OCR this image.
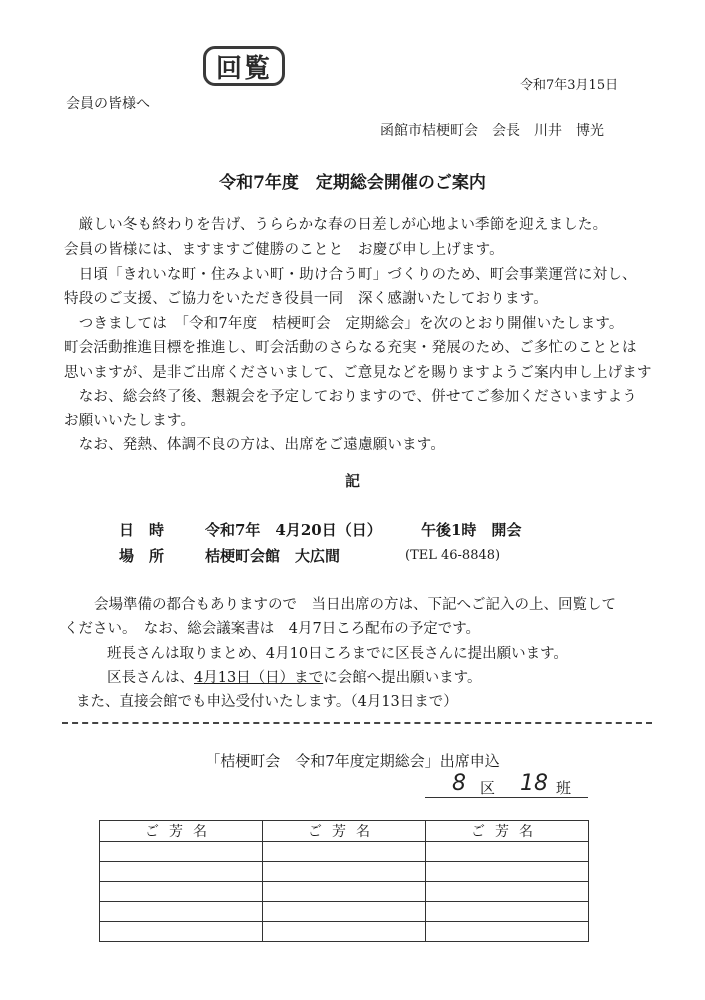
回覧
令和7年3月15日
会員の皆様へ
函館市桔梗町会　会長　川井　博光
令和7年度　定期総会開催のご案内
　厳しい冬も終わりを告げ、うららかな春の日差しが心地よい季節を迎えました。
会員の皆様には、ますますご健勝のことと　お慶び申し上げます。
　日頃「きれいな町・住みよい町・助け合う町」づくりのため、町会事業運営に対し、
特段のご支援、ご協力をいただき役員一同　深く感謝いたしております。
　つきましては　「令和7年度　桔梗町会　定期総会」を次のとおり開催いたします。
町会活動推進目標を推進し、町会活動のさらなる充実・発展のため、ご多忙のこととは
思いますが、是非ご出席くださいまして、ご意見などを賜りますようご案内申し上げます
　なお、総会終了後、懇親会を予定しておりますので、併せてご参加くださいますよう
お願いいたします。
　なお、発熱、体調不良の方は、出席をご遠慮願います。
記
日　時	令和7年　4月20日（日）	午後1時　開会
場　所	桔梗町会館　大広間	(TEL 46-8848)
会場準備の都合もありますので　当日出席の方は、下記へご記入の上、回覧して
ください。　なお、総会議案書は　4月7日ころ配布の予定です。
班長さんは取りまとめ、4月10日ころまでに区長さんに提出願います。
区長さんは、4月13日（日）までに会館へ提出願います。
また、直接会館でも申込受付いたします。（4月13日まで）
「桔梗町会　令和7年度定期総会」出席申込
8 区 18 班
ご芳名	ご芳名	ご芳名
